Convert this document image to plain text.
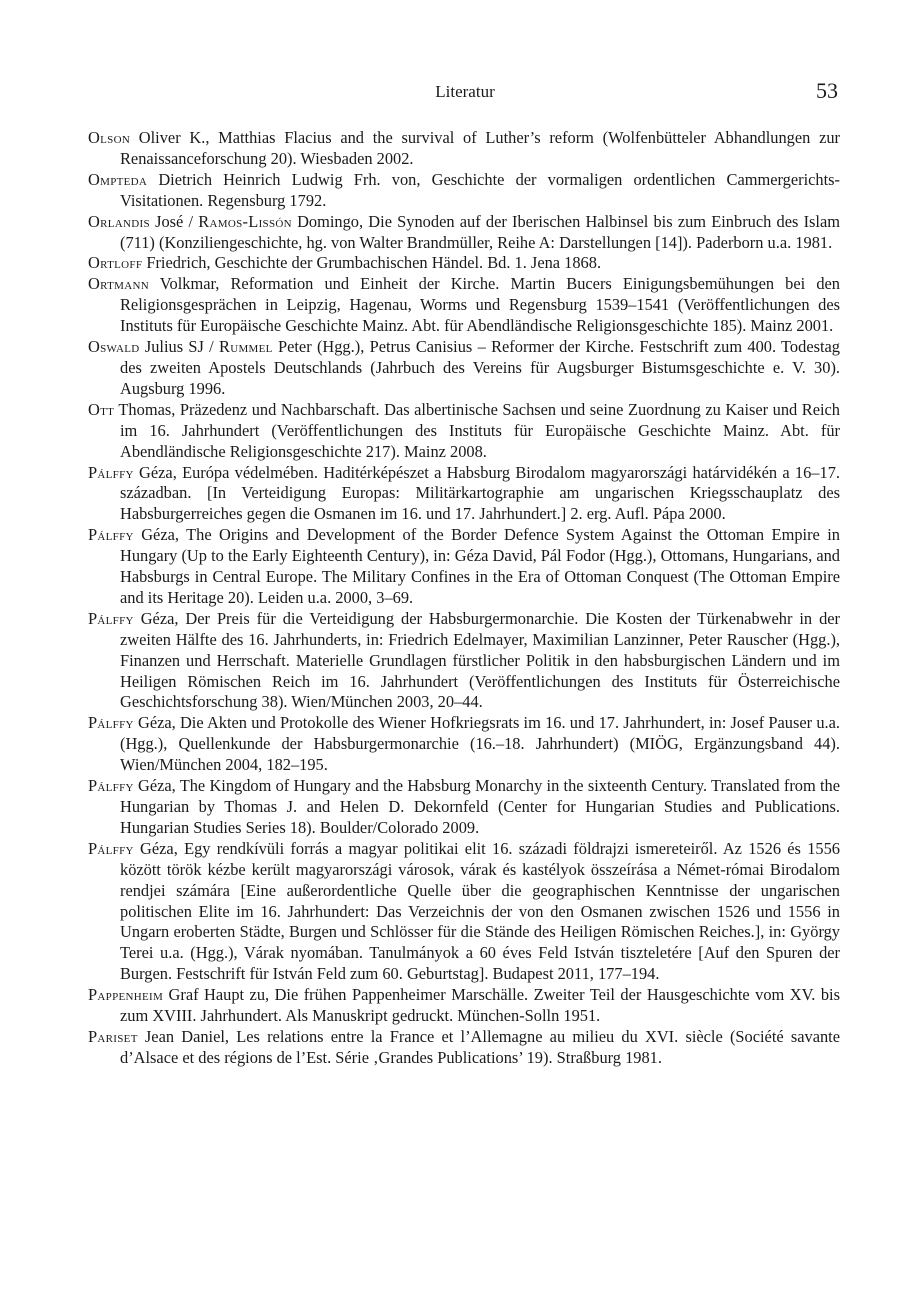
Literatur	53
Olson Oliver K., Matthias Flacius and the survival of Luther’s reform (Wolfenbütteler Abhandlungen zur Renaissanceforschung 20). Wiesbaden 2002.
Ompteda Dietrich Heinrich Ludwig Frh. von, Geschichte der vormaligen ordentlichen Cammergerichts-Visitationen. Regensburg 1792.
Orlandis José / Ramos-Lissón Domingo, Die Synoden auf der Iberischen Halbinsel bis zum Einbruch des Islam (711) (Konziliengeschichte, hg. von Walter Brandmüller, Reihe A: Darstellungen [14]). Paderborn u.a. 1981.
Ortloff Friedrich, Geschichte der Grumbachischen Händel. Bd. 1. Jena 1868.
Ortmann Volkmar, Reformation und Einheit der Kirche. Martin Bucers Einigungsbemühungen bei den Religionsgesprächen in Leipzig, Hagenau, Worms und Regensburg 1539–1541 (Veröffentlichungen des Instituts für Europäische Geschichte Mainz. Abt. für Abendländische Religionsgeschichte 185). Mainz 2001.
Oswald Julius SJ / Rummel Peter (Hgg.), Petrus Canisius – Reformer der Kirche. Festschrift zum 400. Todestag des zweiten Apostels Deutschlands (Jahrbuch des Vereins für Augsburger Bistumsgeschichte e. V. 30). Augsburg 1996.
Ott Thomas, Präzedenz und Nachbarschaft. Das albertinische Sachsen und seine Zuordnung zu Kaiser und Reich im 16. Jahrhundert (Veröffentlichungen des Instituts für Europäische Geschichte Mainz. Abt. für Abendländische Religionsgeschichte 217). Mainz 2008.
Pálffy Géza, Európa védelmében. Haditérképészet a Habsburg Birodalom magyarországi határvidékén a 16–17. században. [In Verteidigung Europas: Militärkartographie am ungarischen Kriegsschauplatz des Habsburgerreiches gegen die Osmanen im 16. und 17. Jahrhundert.] 2. erg. Aufl. Pápa 2000.
Pálffy Géza, The Origins and Development of the Border Defence System Against the Ottoman Empire in Hungary (Up to the Early Eighteenth Century), in: Géza David, Pál Fodor (Hgg.), Ottomans, Hungarians, and Habsburgs in Central Europe. The Military Confines in the Era of Ottoman Conquest (The Ottoman Empire and its Heritage 20). Leiden u.a. 2000, 3–69.
Pálffy Géza, Der Preis für die Verteidigung der Habsburgermonarchie. Die Kosten der Türkenabwehr in der zweiten Hälfte des 16. Jahrhunderts, in: Friedrich Edelmayer, Maximilian Lanzinner, Peter Rauscher (Hgg.), Finanzen und Herrschaft. Materielle Grundlagen fürstlicher Politik in den habsburgischen Ländern und im Heiligen Römischen Reich im 16. Jahrhundert (Veröffentlichungen des Instituts für Österreichische Geschichtsforschung 38). Wien/München 2003, 20–44.
Pálffy Géza, Die Akten und Protokolle des Wiener Hofkriegsrats im 16. und 17. Jahrhundert, in: Josef Pauser u.a. (Hgg.), Quellenkunde der Habsburgermonarchie (16.–18. Jahrhundert) (MIÖG, Ergänzungsband 44). Wien/München 2004, 182–195.
Pálffy Géza, The Kingdom of Hungary and the Habsburg Monarchy in the sixteenth Century. Translated from the Hungarian by Thomas J. and Helen D. Dekornfeld (Center for Hungarian Studies and Publications. Hungarian Studies Series 18). Boulder/Colorado 2009.
Pálffy Géza, Egy rendkívüli forrás a magyar politikai elit 16. századi földrajzi ismereteiről. Az 1526 és 1556 között török kézbe került magyarországi városok, várak és kastélyok összeírása a Német-római Birodalom rendjei számára [Eine außerordentliche Quelle über die geographischen Kenntnisse der ungarischen politischen Elite im 16. Jahrhundert: Das Verzeichnis der von den Osmanen zwischen 1526 und 1556 in Ungarn eroberten Städte, Burgen und Schlösser für die Stände des Heiligen Römischen Reiches.], in: György Terei u.a. (Hgg.), Várak nyomában. Tanulmányok a 60 éves Feld István tiszteletére [Auf den Spuren der Burgen. Festschrift für István Feld zum 60. Geburtstag]. Budapest 2011, 177–194.
Pappenheim Graf Haupt zu, Die frühen Pappenheimer Marschälle. Zweiter Teil der Hausgeschichte vom XV. bis zum XVIII. Jahrhundert. Als Manuskript gedruckt. München-Solln 1951.
Pariset Jean Daniel, Les relations entre la France et l’Allemagne au milieu du XVI. siècle (Société savante d’Alsace et des régions de l’Est. Série ‚Grandes Publications’ 19). Straßburg 1981.
